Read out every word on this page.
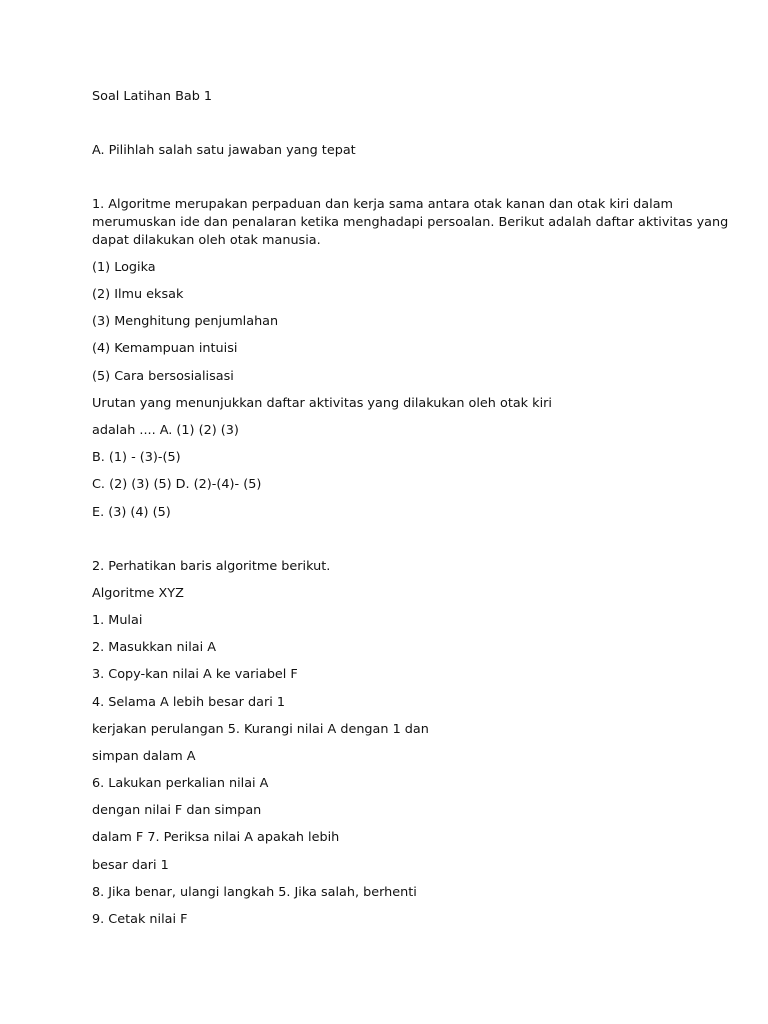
Soal Latihan Bab 1
A. Pilihlah salah satu jawaban yang tepat
1. Algoritme merupakan perpaduan dan kerja sama antara otak kanan dan otak kiri dalam
merumuskan ide dan penalaran ketika menghadapi persoalan. Berikut adalah daftar aktivitas yang
dapat dilakukan oleh otak manusia.
(1) Logika
(2) Ilmu eksak
(3) Menghitung penjumlahan
(4) Kemampuan intuisi
(5) Cara bersosialisasi
Urutan yang menunjukkan daftar aktivitas yang dilakukan oleh otak kiri
adalah .... A. (1) (2) (3)
B. (1) - (3)-(5)
C. (2) (3) (5) D. (2)-(4)- (5)
E. (3) (4) (5)
2. Perhatikan baris algoritme berikut.
Algoritme XYZ
1. Mulai
2. Masukkan nilai A
3. Copy-kan nilai A ke variabel F
4. Selama A lebih besar dari 1
kerjakan perulangan 5. Kurangi nilai A dengan 1 dan
simpan dalam A
6. Lakukan perkalian nilai A
dengan nilai F dan simpan
dalam F 7. Periksa nilai A apakah lebih
besar dari 1
8. Jika benar, ulangi langkah 5. Jika salah, berhenti
9. Cetak nilai F
